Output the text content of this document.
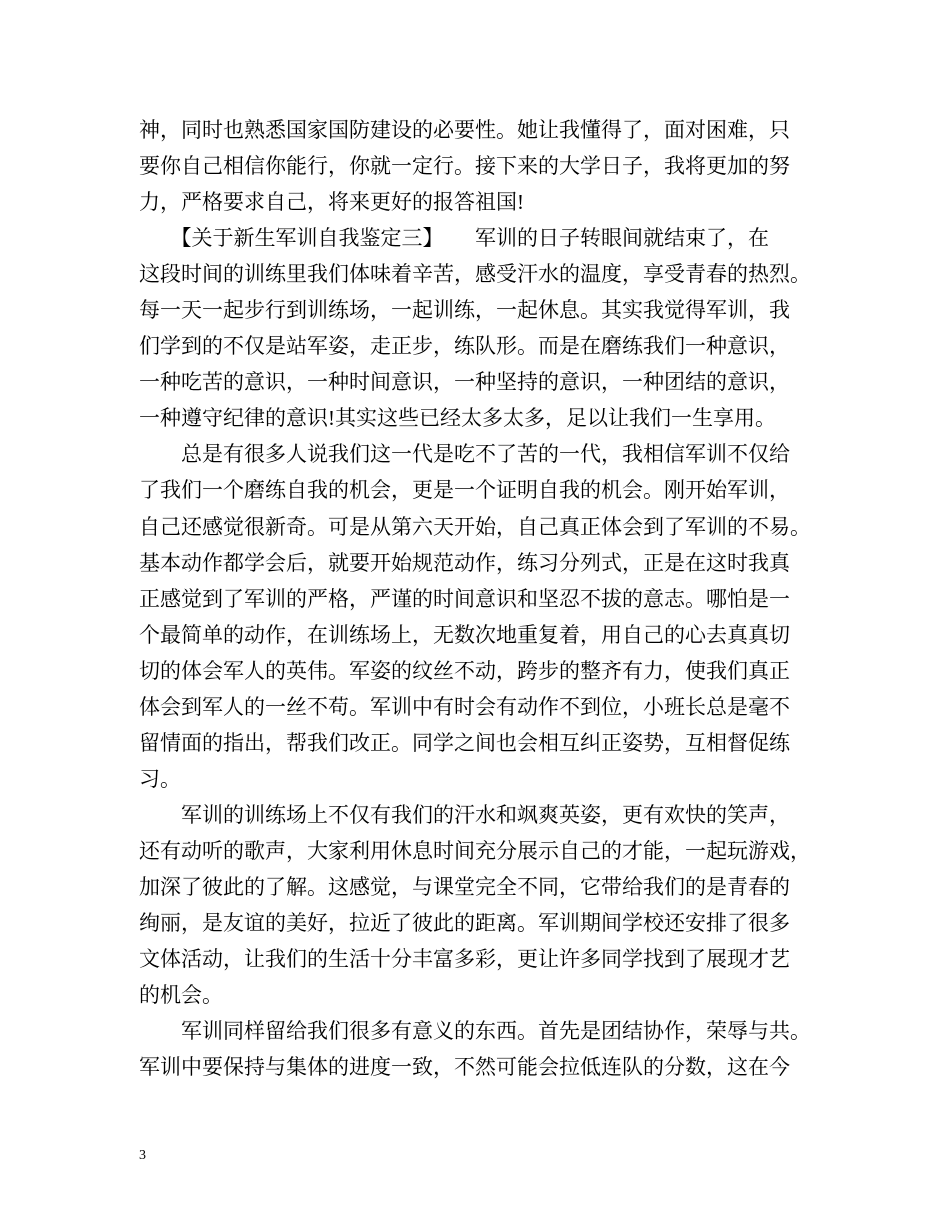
神，同时也熟悉国家国防建设的必要性。她让我懂得了，面对困难，只
要你自己相信你能行，你就一定行。接下来的大学日子，我将更加的努
力，严格要求自己，将来更好的报答祖国!
　　【关于新生军训自我鉴定三】　　军训的日子转眼间就结束了，在
这段时间的训练里我们体味着辛苦，感受汗水的温度，享受青春的热烈。
每一天一起步行到训练场，一起训练，一起休息。其实我觉得军训，我
们学到的不仅是站军姿，走正步，练队形。而是在磨练我们一种意识，
一种吃苦的意识，一种时间意识，一种坚持的意识，一种团结的意识，
一种遵守纪律的意识!其实这些已经太多太多，足以让我们一生享用。
　　总是有很多人说我们这一代是吃不了苦的一代，我相信军训不仅给
了我们一个磨练自我的机会，更是一个证明自我的机会。刚开始军训，
自己还感觉很新奇。可是从第六天开始，自己真正体会到了军训的不易。
基本动作都学会后，就要开始规范动作，练习分列式，正是在这时我真
正感觉到了军训的严格，严谨的时间意识和坚忍不拔的意志。哪怕是一
个最简单的动作，在训练场上，无数次地重复着，用自己的心去真真切
切的体会军人的英伟。军姿的纹丝不动，跨步的整齐有力，使我们真正
体会到军人的一丝不苟。军训中有时会有动作不到位，小班长总是毫不
留情面的指出，帮我们改正。同学之间也会相互纠正姿势，互相督促练
习。
　　军训的训练场上不仅有我们的汗水和飒爽英姿，更有欢快的笑声，
还有动听的歌声，大家利用休息时间充分展示自己的才能，一起玩游戏，
加深了彼此的了解。这感觉，与课堂完全不同，它带给我们的是青春的
绚丽，是友谊的美好，拉近了彼此的距离。军训期间学校还安排了很多
文体活动，让我们的生活十分丰富多彩，更让许多同学找到了展现才艺
的机会。
　　军训同样留给我们很多有意义的东西。首先是团结协作，荣辱与共。
军训中要保持与集体的进度一致，不然可能会拉低连队的分数，这在今
3
